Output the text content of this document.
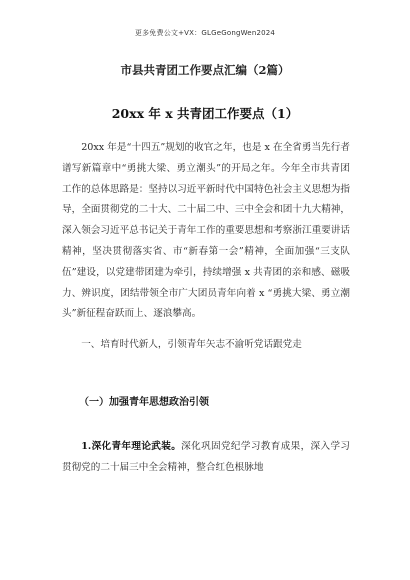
更多免费公文+VX：GLGeGongWen2024
市县共青团工作要点汇编（2篇）
20xx 年 x 共青团工作要点（1）

20xx 年是“十四五”规划的收官之年，也是 x 在全省勇当先行者谱写新篇章中“勇挑大梁、勇立潮头”的开局之年。今年全市共青团工作的总体思路是：坚持以习近平新时代中国特色社会主义思想为指导，全面贯彻党的二十大、二十届二中、三中全会和团十九大精神，深入领会习近平总书记关于青年工作的重要思想和考察浙江重要讲话精神，坚决贯彻落实省、市“新春第一会”精神，全面加强“三支队伍”建设，以党建带团建为牵引，持续增强 x 共青团的亲和感、磁吸力、辨识度，团结带领全市广大团员青年向着 x “勇挑大梁、勇立潮头”新征程奋跃而上、逐浪攀高。

一、培育时代新人，引领青年矢志不渝听党话跟党走

（一）加强青年思想政治引领

1.深化青年理论武装。深化巩固党纪学习教育成果，深入学习贯彻党的二十届三中全会精神，整合红色根脉地
